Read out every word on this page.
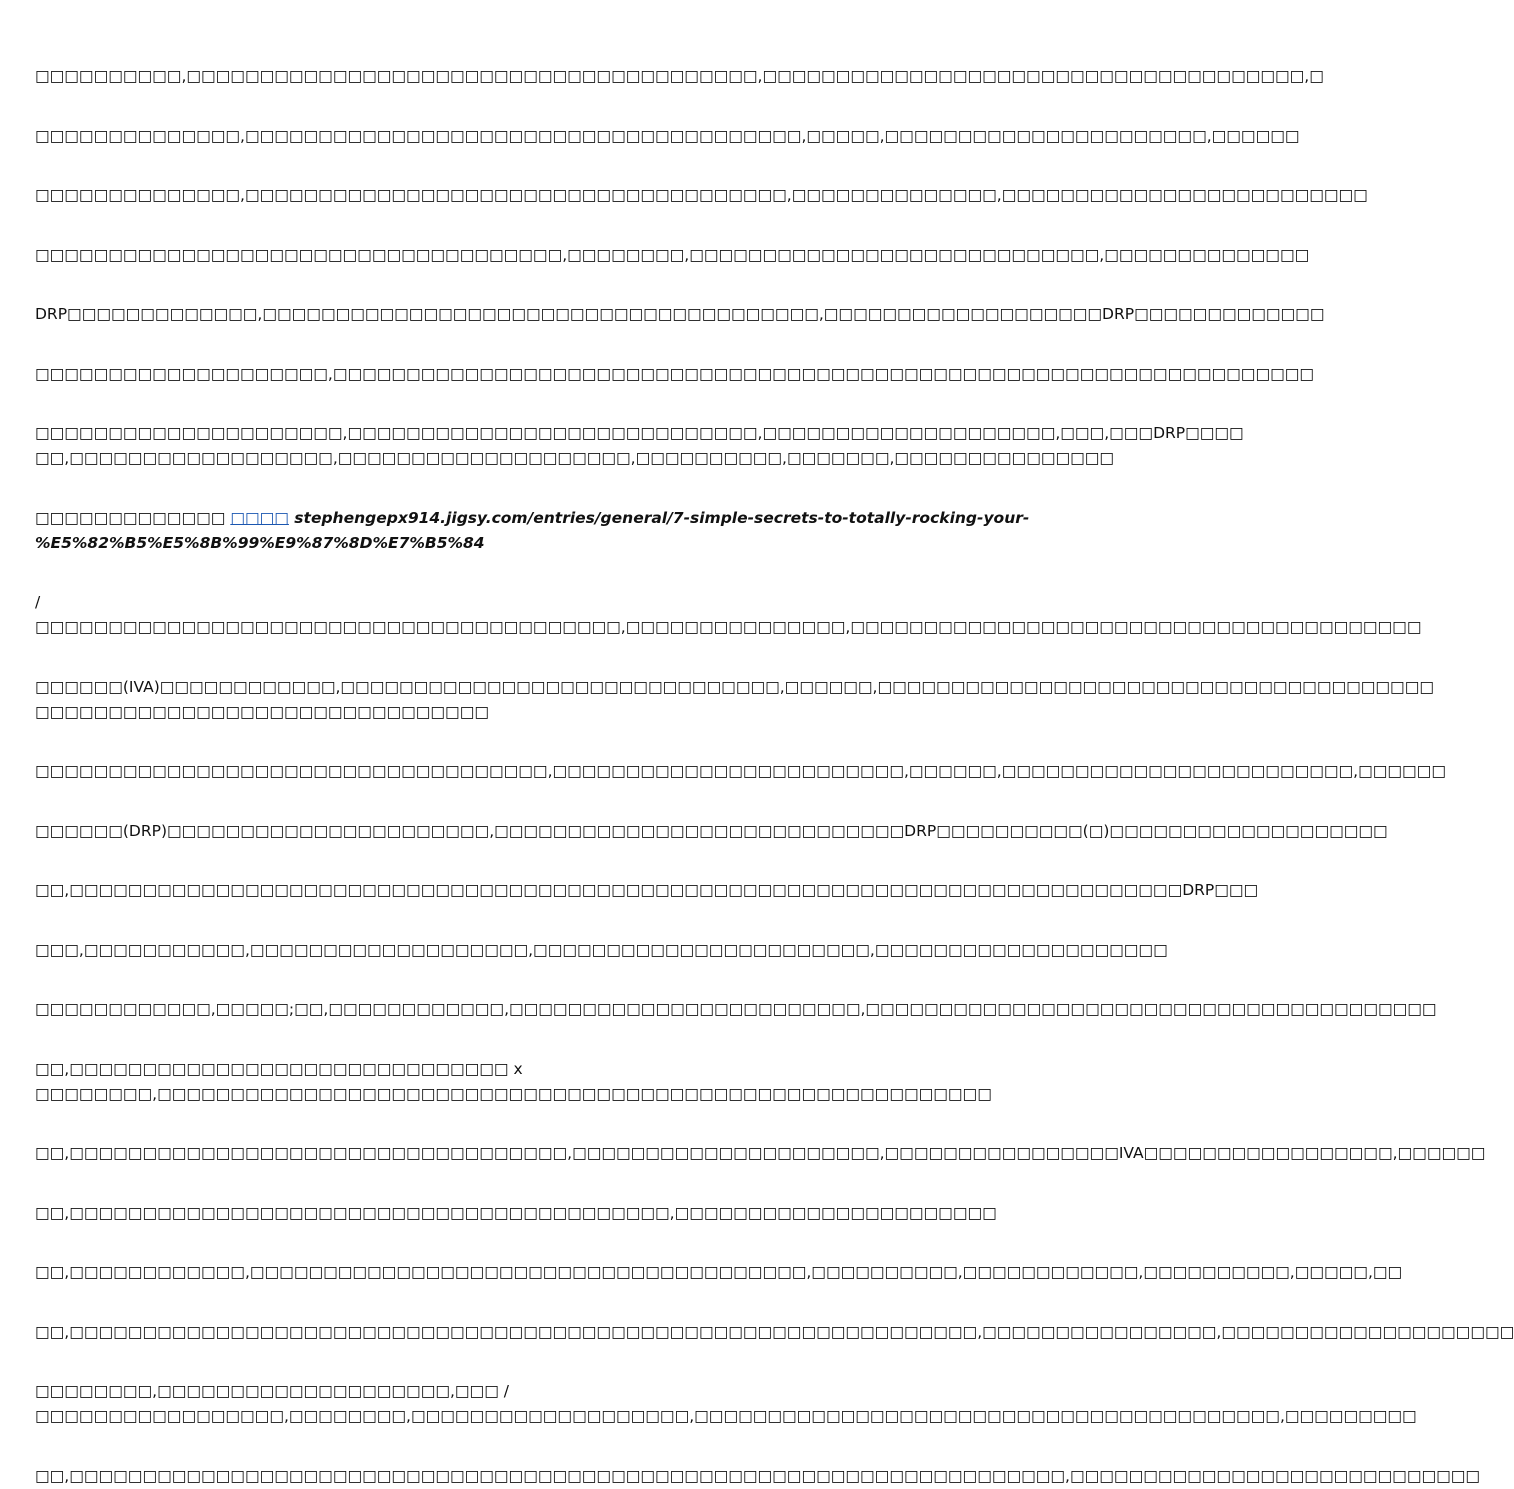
□□□□□□□□□□,□□□□□□□□□□□□□□□□□□□□□□□□□□□□□□□□□□□□□□□,□□□□□□□□□□□□□□□□□□□□□□□□□□□□□□□□□□□□□,□

□□□□□□□□□□□□□□,□□□□□□□□□□□□□□□□□□□□□□□□□□□□□□□□□□□□□□,□□□□□,□□□□□□□□□□□□□□□□□□□□□□,□□□□□□

□□□□□□□□□□□□□□,□□□□□□□□□□□□□□□□□□□□□□□□□□□□□□□□□□□□□,□□□□□□□□□□□□□□,□□□□□□□□□□□□□□□□□□□□□□□□□

□□□□□□□□□□□□□□□□□□□□□□□□□□□□□□□□□□□□,□□□□□□□□,□□□□□□□□□□□□□□□□□□□□□□□□□□□□,□□□□□□□□□□□□□□

DRP□□□□□□□□□□□□□,□□□□□□□□□□□□□□□□□□□□□□□□□□□□□□□□□□□□□□,□□□□□□□□□□□□□□□□□□□DRP□□□□□□□□□□□□□

□□□□□□□□□□□□□□□□□□□□,□□□□□□□□□□□□□□□□□□□□□□□□□□□□□□□□□□□□□□□□□□□□□□□□□□□□□□□□□□□□□□□□□□□

□□□□□□□□□□□□□□□□□□□□□,□□□□□□□□□□□□□□□□□□□□□□□□□□□□,□□□□□□□□□□□□□□□□□□□□,□□□,□□□DRP□□□□
□□,□□□□□□□□□□□□□□□□□□,□□□□□□□□□□□□□□□□□□□□,□□□□□□□□□□,□□□□□□□,□□□□□□□□□□□□□□□

□□□□□□□□□□□□□ □□□□ stephengepx914.jigsy.com/entries/general/7-simple-secrets-to-totally-rocking-your-
%E5%82%B5%E5%8B%99%E9%87%8D%E7%B5%84

/
□□□□□□□□□□□□□□□□□□□□□□□□□□□□□□□□□□□□□□□□,□□□□□□□□□□□□□□□,□□□□□□□□□□□□□□□□□□□□□□□□□□□□□□□□□□□□□□□

□□□□□□(IVA)□□□□□□□□□□□□,□□□□□□□□□□□□□□□□□□□□□□□□□□□□□□,□□□□□□,□□□□□□□□□□□□□□□□□□□□□□□□□□□□□□□□□□□□□□
□□□□□□□□□□□□□□□□□□□□□□□□□□□□□□□

□□□□□□□□□□□□□□□□□□□□□□□□□□□□□□□□□□□,□□□□□□□□□□□□□□□□□□□□□□□□,□□□□□□,□□□□□□□□□□□□□□□□□□□□□□□□,□□□□□□

□□□□□□(DRP)□□□□□□□□□□□□□□□□□□□□□□,□□□□□□□□□□□□□□□□□□□□□□□□□□□□DRP□□□□□□□□□□(□)□□□□□□□□□□□□□□□□□□□

□□,□□□□□□□□□□□□□□□□□□□□□□□□□□□□□□□□□□□□□□□□□□□□□□□□□□□□□□□□□□□□□□□□□□□□□□□□□□□□DRP□□□

□□□,□□□□□□□□□□□,□□□□□□□□□□□□□□□□□□□,□□□□□□□□□□□□□□□□□□□□□□□,□□□□□□□□□□□□□□□□□□□□

□□□□□□□□□□□□,□□□□□;□□,□□□□□□□□□□□□,□□□□□□□□□□□□□□□□□□□□□□□□,□□□□□□□□□□□□□□□□□□□□□□□□□□□□□□□□□□□□□□□

□□,□□□□□□□□□□□□□□□□□□□□□□□□□□□□□□ x
□□□□□□□□,□□□□□□□□□□□□□□□□□□□□□□□□□□□□□□□□□□□□□□□□□□□□□□□□□□□□□□□□□

□□,□□□□□□□□□□□□□□□□□□□□□□□□□□□□□□□□□□,□□□□□□□□□□□□□□□□□□□□□,□□□□□□□□□□□□□□□□IVA□□□□□□□□□□□□□□□□□,□□□□□□

□□,□□□□□□□□□□□□□□□□□□□□□□□□□□□□□□□□□□□□□□□□□,□□□□□□□□□□□□□□□□□□□□□□

□□,□□□□□□□□□□□□,□□□□□□□□□□□□□□□□□□□□□□□□□□□□□□□□□□□□□□,□□□□□□□□□□,□□□□□□□□□□□□,□□□□□□□□□□,□□□□□,□□

□□,□□□□□□□□□□□□□□□□□□□□□□□□□□□□□□□□□□□□□□□□□□□□□□□□□□□□□□□□□□□□□□,□□□□□□□□□□□□□□□□,□□□□□□□□□□□□□□□□□□□□

□□□□□□□□,□□□□□□□□□□□□□□□□□□□□,□□□ /
□□□□□□□□□□□□□□□□□,□□□□□□□□,□□□□□□□□□□□□□□□□□□□,□□□□□□□□□□□□□□□□□□□□□□□□□□□□□□□□□□□□□□□□,□□□□□□□□□

□□,□□□□□□□□□□□□□□□□□□□□□□□□□□□□□□□□□□□□□□□□□□□□□□□□□□□□□□□□□□□□□□□□□□□□,□□□□□□□□□□□□□□□□□□□□□□□□□□□□
